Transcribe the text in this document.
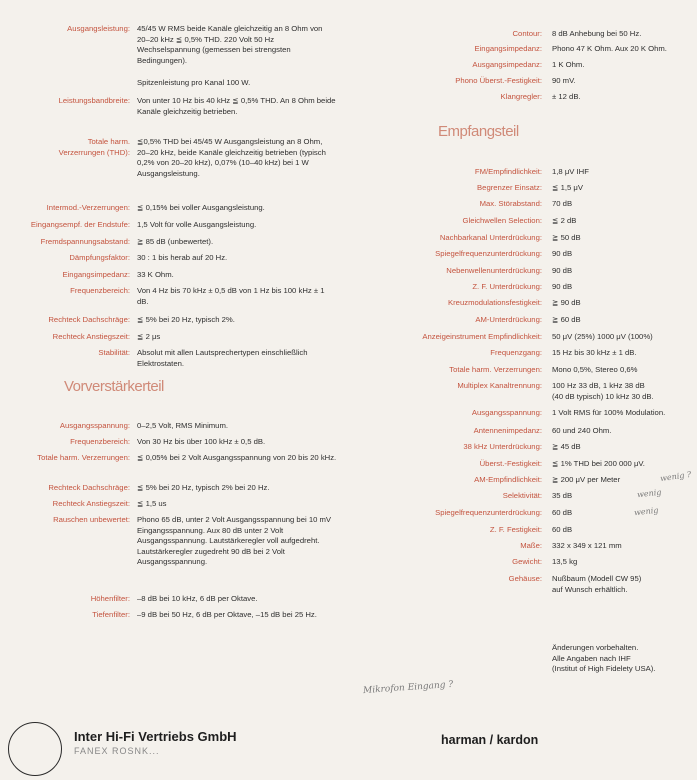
Ausgangsleistung: 45/45 W RMS beide Kanäle gleichzeitig an 8 Ohm von 20–20 kHz ≦ 0,5% THD. 220 Volt 50 Hz Wechselspannung (gemessen bei strengsten Bedingungen).
Spitzenleistung pro Kanal 100 W.
Leistungsbandbreite: Von unter 10 Hz bis 40 kHz ≦ 0,5% THD. An 8 Ohm beide Kanäle gleichzeitig betrieben.
Totale harm.
Verzerrungen (THD):
≦0,5% THD bei 45/45 W Ausgangsleistung an 8 Ohm, 20–20 kHz, beide Kanäle gleichzeitig betrieben (typisch 0,2% von 20–20 kHz), 0,07% (10–40 kHz) bei 1 W Ausgangsleistung.
Intermod.-Verzerrungen: ≦ 0,15% bei voller Ausgangsleistung.
Eingangsempf. der Endstufe: 1,5 Volt für volle Ausgangsleistung.
Fremdspannungsabstand: ≧ 85 dB (unbewertet).
Dämpfungsfaktor: 30 : 1 bis herab auf 20 Hz.
Eingangsimpedanz: 33 K Ohm.
Frequenzbereich: Von 4 Hz bis 70 kHz ± 0,5 dB von 1 Hz bis 100 kHz ± 1 dB.
Rechteck Dachschräge: ≦ 5% bei 20 Hz, typisch 2%.
Rechteck Anstiegszeit: ≦ 2 μs
Stabilität: Absolut mit allen Lautsprechertypen einschließlich Elektrostaten.
Ausgangsspannung: 0–2,5 Volt, RMS Minimum.
Frequenzbereich: Von 30 Hz bis über 100 kHz ± 0,5 dB.
Totale harm. Verzerrungen: ≦ 0,05% bei 2 Volt Ausgangsspannung von 20 bis 20 kHz.
Rechteck Dachschräge: ≦ 5% bei 20 Hz, typisch 2% bei 20 Hz.
Rechteck Anstiegszeit: ≦ 1,5 us
Rauschen unbewertet: Phono 65 dB, unter 2 Volt Ausgangsspannung bei 10 mV Eingangsspannung. Aux 80 dB unter 2 Volt Ausgangsspannung. Lautstärkeregler voll aufgedreht. Lautstärkeregler zugedreht 90 dB bei 2 Volt Ausgangsspannung.
Höhenfilter: –8 dB bei 10 kHz, 6 dB per Oktave.
Tiefenfilter: –9 dB bei 50 Hz, 6 dB per Oktave, –15 dB bei 25 Hz.
Contour: 8 dB Anhebung bei 50 Hz.
Eingangsimpedanz: Phono 47 K Ohm. Aux 20 K Ohm.
Ausgangsimpedanz: 1 K Ohm.
Phono Überst.-Festigkeit: 90 mV.
Klangregler: ± 12 dB.
FM/Empfindlichkeit: 1,8 μV IHF
Begrenzer Einsatz: ≦ 1,5 μV
Max. Störabstand: 70 dB
Gleichwellen Selection: ≦ 2 dB
Nachbarkanal Unterdrückung: ≧ 50 dB
Spiegelfrequenzunterdrückung: 90 dB
Nebenwellenunterdrückung: 90 dB
Z. F. Unterdrückung: 90 dB
Kreuzmodulationsfestigkeit: ≧ 90 dB
AM-Unterdrückung: ≧ 60 dB
Anzeigeinstrument Empfindlichkeit: 50 μV (25%) 1000 μV (100%)
Frequenzgang: 15 Hz bis 30 kHz ± 1 dB.
Totale harm. Verzerrungen: Mono 0,5%, Stereo 0,6%
Multiplex Kanaltrennung: 100 Hz 33 dB, 1 kHz 38 dB
(40 dB typisch) 10 kHz 30 dB.
Ausgangsspannung: 1 Volt RMS für 100% Modulation.
Antennenimpedanz: 60 und 240 Ohm.
38 kHz Unterdrückung: ≧ 45 dB
Überst.-Festigkeit: ≦ 1% THD bei 200 000 μV.
AM-Empfindlichkeit: ≧ 200 μV per Meter
Selektivität: 35 dB
Spiegelfrequenzunterdrückung: 60 dB
Z. F. Festigkeit: 60 dB
Maße: 332 x 349 x 121 mm
Gewicht: 13,5 kg
Gehäuse: Nußbaum (Modell CW 95)
auf Wunsch erhältlich.
Vorverstärkerteil
Empfangsteil
Änderungen vorbehalten.
Alle Angaben nach IHF
(Institut of High Fidelety USA).
wenig ?
wenig
wenig
Mikrofon Eingang ?
Inter Hi-Fi Vertriebs GmbH
FANEX ROSNK...
harman / kardon
